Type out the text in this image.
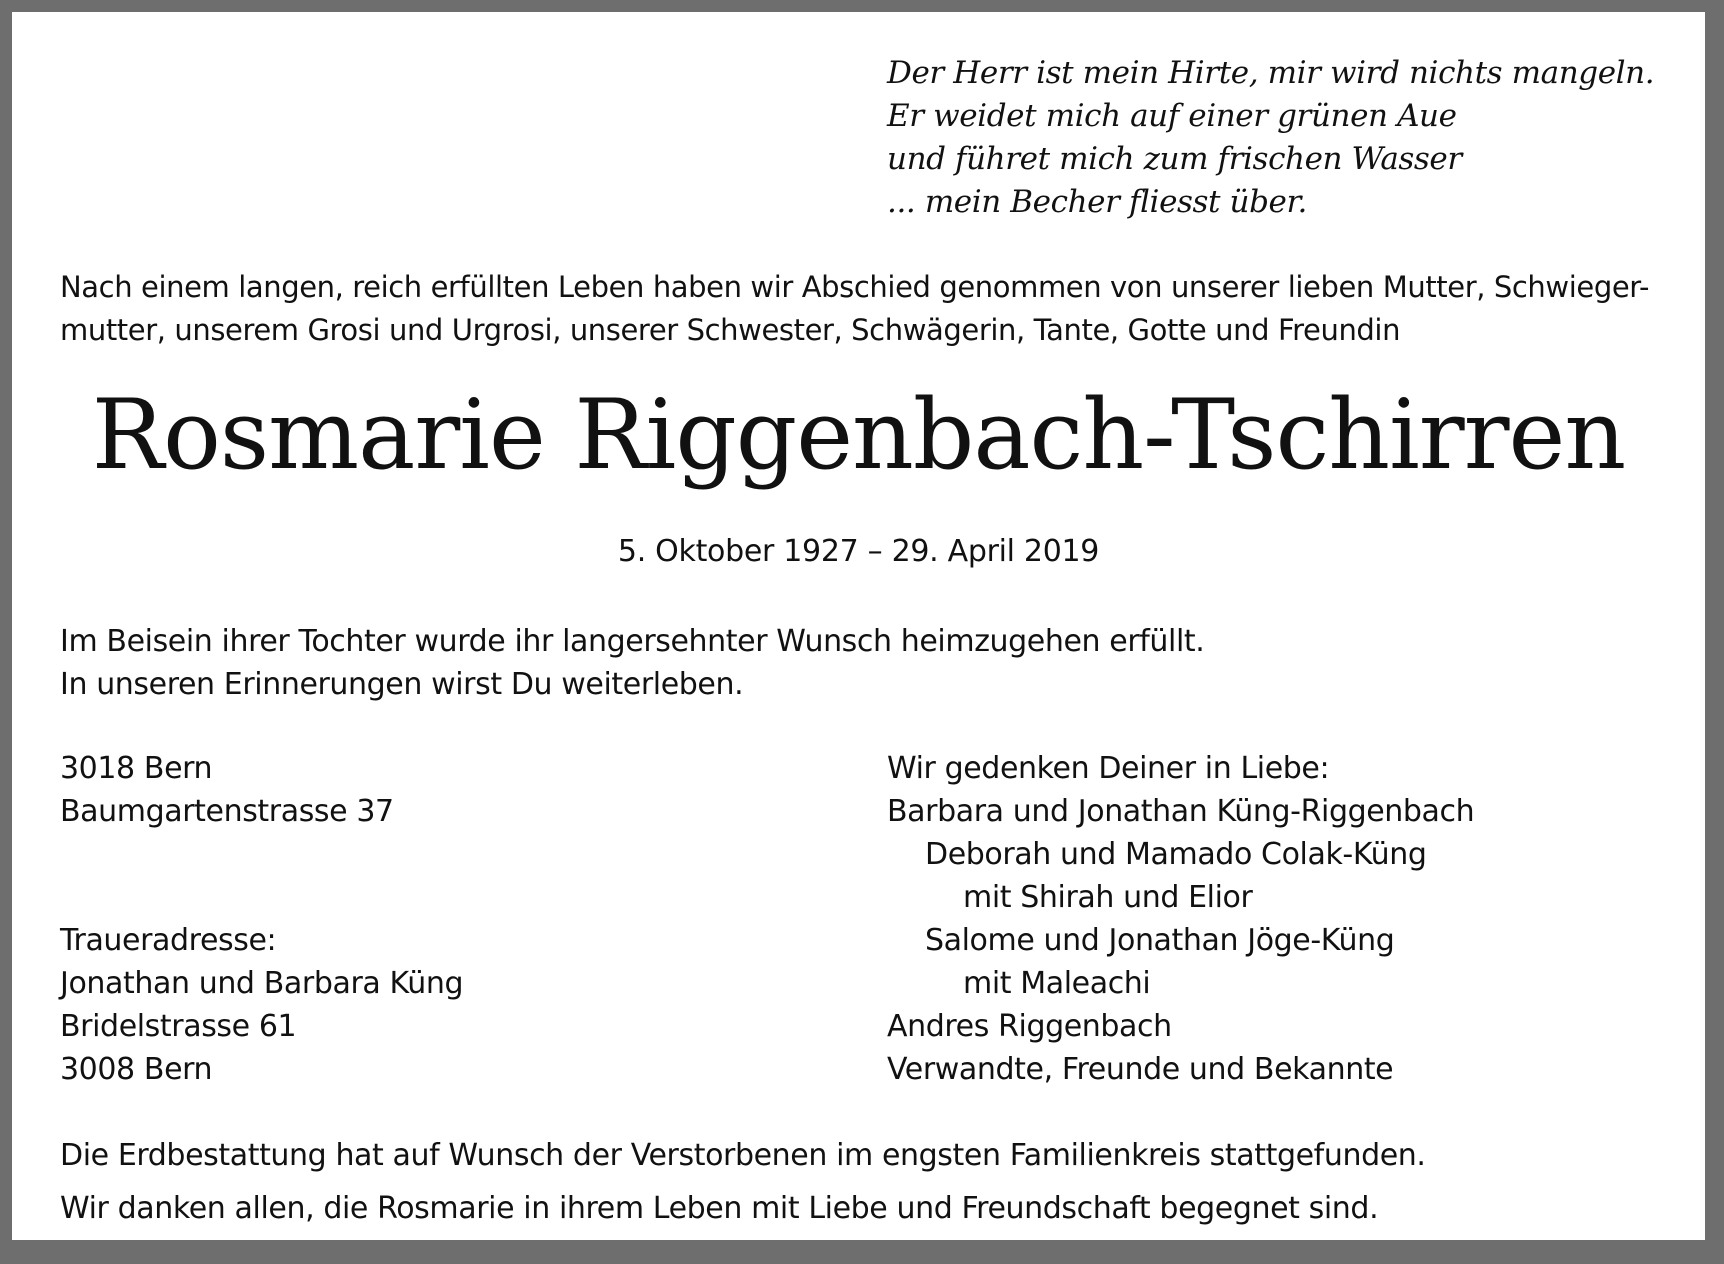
Der Herr ist mein Hirte, mir wird nichts mangeln.
Er weidet mich auf einer grünen Aue
und führet mich zum frischen Wasser
... mein Becher fliesst über.
Nach einem langen, reich erfüllten Leben haben wir Abschied genommen von unserer lieben Mutter, Schwieger-
mutter, unserem Grosi und Urgrosi, unserer Schwester, Schwägerin, Tante, Gotte und Freundin
Rosmarie Riggenbach-Tschirren
5. Oktober 1927 – 29. April 2019
Im Beisein ihrer Tochter wurde ihr langersehnter Wunsch heimzugehen erfüllt.
In unseren Erinnerungen wirst Du weiterleben.
3018 Bern
Baumgartenstrasse 37
Traueradresse:
Jonathan und Barbara Küng
Bridelstrasse 61
3008 Bern
Wir gedenken Deiner in Liebe:
Barbara und Jonathan Küng-Riggenbach
Deborah und Mamado Colak-Küng
mit Shirah und Elior
Salome und Jonathan Jöge-Küng
mit Maleachi
Andres Riggenbach
Verwandte, Freunde und Bekannte
Die Erdbestattung hat auf Wunsch der Verstorbenen im engsten Familienkreis stattgefunden.
Wir danken allen, die Rosmarie in ihrem Leben mit Liebe und Freundschaft begegnet sind.
